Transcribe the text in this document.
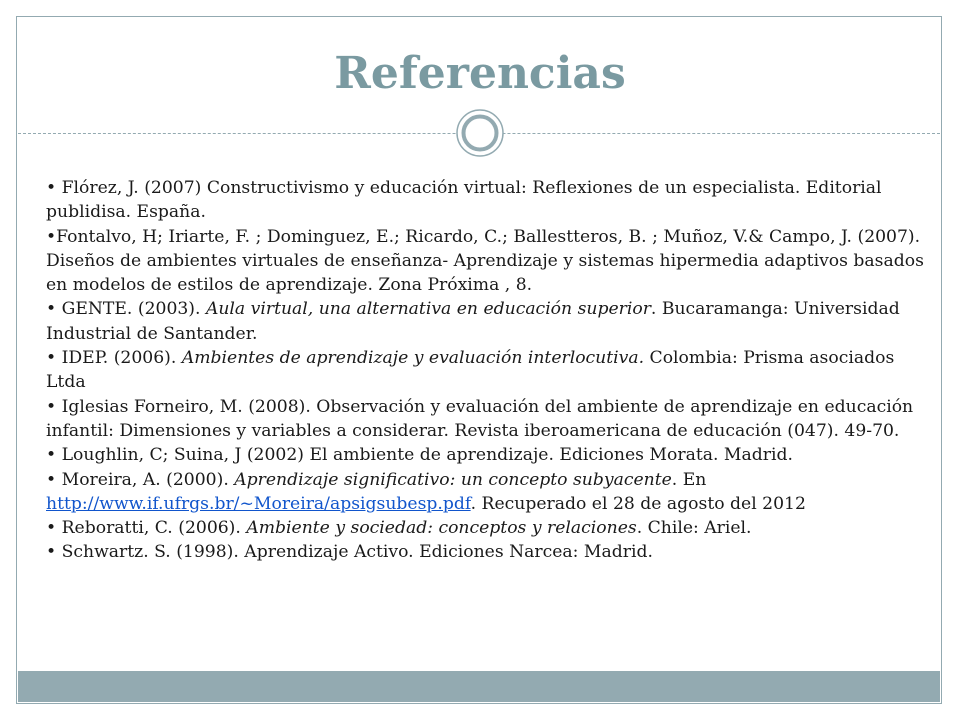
Referencias

• Flórez, J. (2007) Constructivismo y educación virtual: Reflexiones de un especialista. Editorial publidisa. España.

•Fontalvo, H; Iriarte, F. ; Dominguez, E.; Ricardo, C.; Ballestteros, B. ; Muñoz, V.& Campo, J. (2007). Diseños de ambientes virtuales de enseñanza- Aprendizaje y sistemas hipermedia adaptivos basados en modelos de estilos de aprendizaje. Zona Próxima , 8.

• GENTE. (2003). Aula virtual, una alternativa en educación superior. Bucaramanga: Universidad Industrial de Santander.

• IDEP. (2006). Ambientes de aprendizaje y evaluación interlocutiva. Colombia: Prisma asociados Ltda

• Iglesias Forneiro, M. (2008). Observación y evaluación del ambiente de aprendizaje en educación infantil: Dimensiones y variables a considerar. Revista iberoamericana de educación (047). 49-70.

• Loughlin, C; Suina, J (2002) El ambiente de aprendizaje. Ediciones Morata. Madrid.

• Moreira, A. (2000). Aprendizaje significativo: un concepto subyacente. En http://www.if.ufrgs.br/~Moreira/apsigsubesp.pdf. Recuperado el 28 de agosto del 2012

• Reboratti, C. (2006). Ambiente y sociedad: conceptos y relaciones. Chile: Ariel.

• Schwartz. S. (1998). Aprendizaje Activo. Ediciones Narcea: Madrid.
